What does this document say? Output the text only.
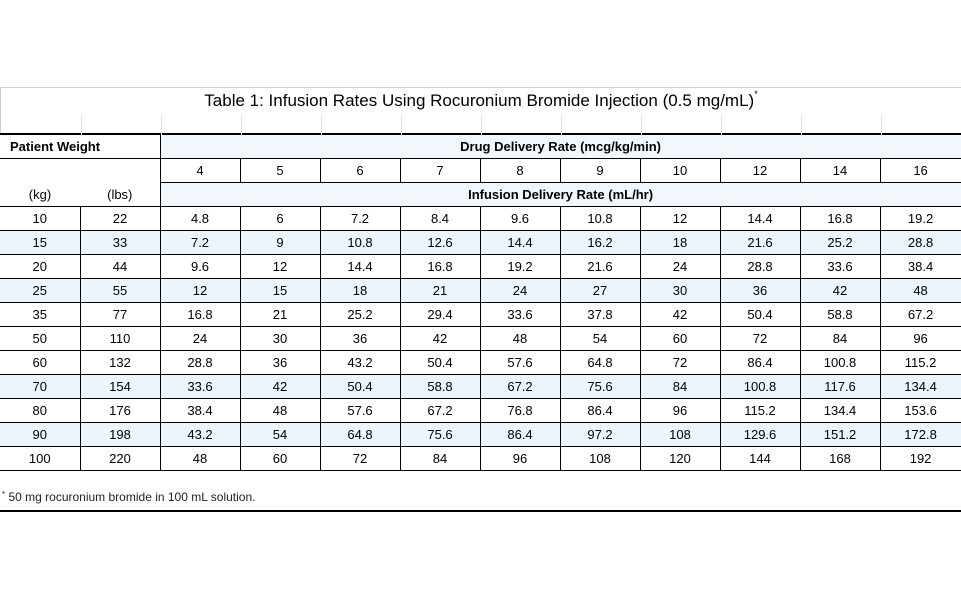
Table 1: Infusion Rates Using Rocuronium Bromide Injection (0.5 mg/mL)*
Patient Weight		Drug Delivery Rate (mcg/kg/min)									
		4	5	6	7	8	9	10	12	14	16
(kg)	(lbs)	Infusion Delivery Rate (mL/hr)									
10	22	4.8	6	7.2	8.4	9.6	10.8	12	14.4	16.8	19.2
15	33	7.2	9	10.8	12.6	14.4	16.2	18	21.6	25.2	28.8
20	44	9.6	12	14.4	16.8	19.2	21.6	24	28.8	33.6	38.4
25	55	12	15	18	21	24	27	30	36	42	48
35	77	16.8	21	25.2	29.4	33.6	37.8	42	50.4	58.8	67.2
50	110	24	30	36	42	48	54	60	72	84	96
60	132	28.8	36	43.2	50.4	57.6	64.8	72	86.4	100.8	115.2
70	154	33.6	42	50.4	58.8	67.2	75.6	84	100.8	117.6	134.4
80	176	38.4	48	57.6	67.2	76.8	86.4	96	115.2	134.4	153.6
90	198	43.2	54	64.8	75.6	86.4	97.2	108	129.6	151.2	172.8
100	220	48	60	72	84	96	108	120	144	168	192
* 50 mg rocuronium bromide in 100 mL solution.
